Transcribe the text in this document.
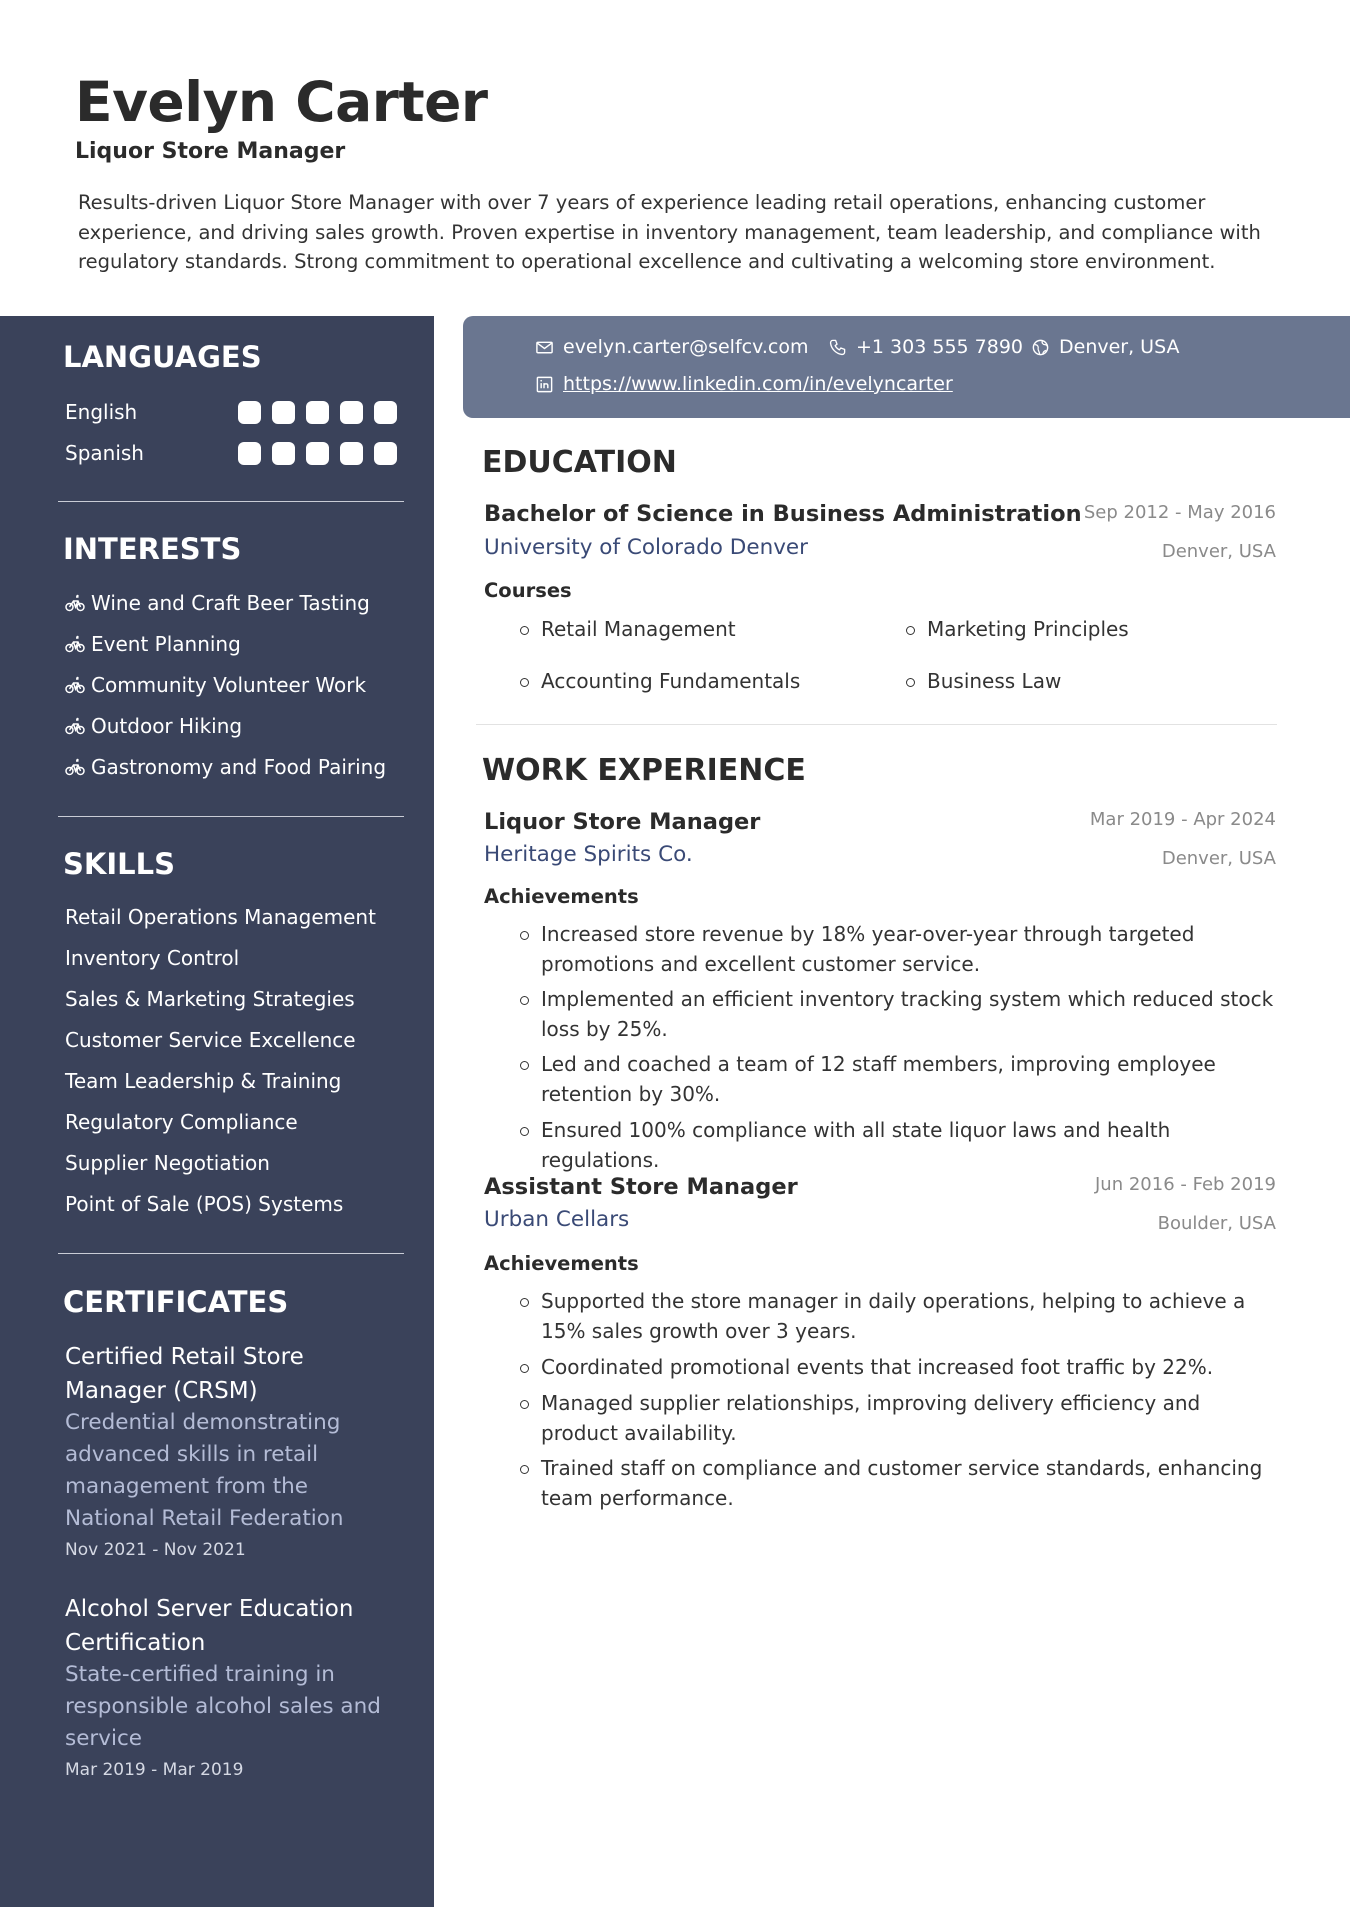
Evelyn Carter
Liquor Store Manager

Results-driven Liquor Store Manager with over 7 years of experience leading retail operations, enhancing customer experience, and driving sales growth. Proven expertise in inventory management, team leadership, and compliance with regulatory standards. Strong commitment to operational excellence and cultivating a welcoming store environment.

LANGUAGES
English
Spanish
INTERESTS
Wine and Craft Beer Tasting
Event Planning
Community Volunteer Work
Outdoor Hiking
Gastronomy and Food Pairing
SKILLS
Retail Operations Management
Inventory Control
Sales & Marketing Strategies
Customer Service Excellence
Team Leadership & Training
Regulatory Compliance
Supplier Negotiation
Point of Sale (POS) Systems
CERTIFICATES
Certified Retail Store Manager (CRSM)
Credential demonstrating advanced skills in retail management from the National Retail Federation
Nov 2021 - Nov 2021
Alcohol Server Education Certification
State-certified training in responsible alcohol sales and service
Mar 2019 - Mar 2019
evelyn.carter@selfcv.com	+1 303 555 7890 Denver, USA
https://www.linkedin.com/in/evelyncarter
EDUCATION
Bachelor of Science in Business Administration Sep 2012 - May 2016
University of Colorado Denver	Denver, USA
Courses
Retail Management	Marketing Principles
Accounting Fundamentals	Business Law
WORK EXPERIENCE
Liquor Store Manager	Mar 2019 - Apr 2024
Heritage Spirits Co.	Denver, USA
Achievements
Increased store revenue by 18% year-over-year through targeted promotions and excellent customer service.
Implemented an efficient inventory tracking system which reduced stock loss by 25%.
Led and coached a team of 12 staff members, improving employee retention by 30%.
Ensured 100% compliance with all state liquor laws and health regulations.
Assistant Store Manager	Jun 2016 - Feb 2019
Urban Cellars	Boulder, USA
Achievements
Supported the store manager in daily operations, helping to achieve a 15% sales growth over 3 years.
Coordinated promotional events that increased foot traffic by 22%.
Managed supplier relationships, improving delivery efficiency and product availability.
Trained staff on compliance and customer service standards, enhancing team performance.
